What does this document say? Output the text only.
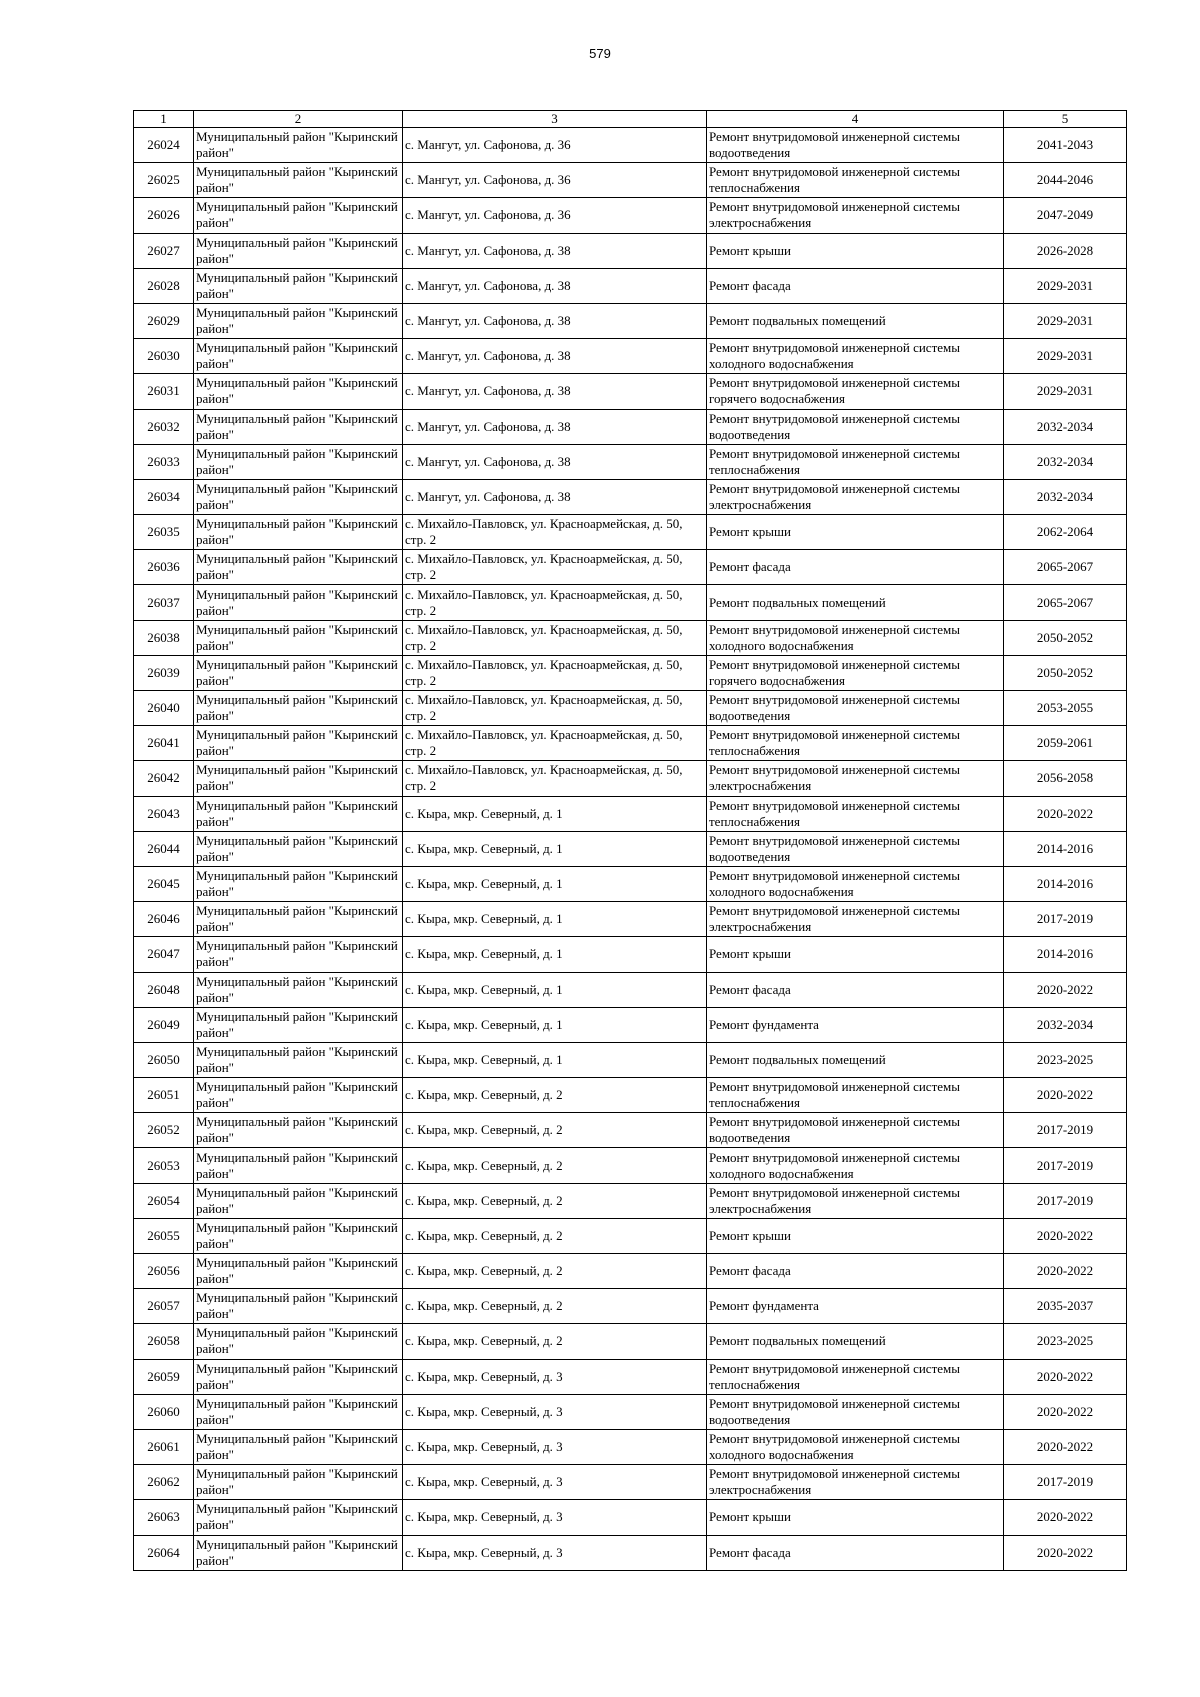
579
1	2	3	4	5
26024	Муниципальный район "Кыринский район"	с. Мангут, ул. Сафонова, д. 36	Ремонт внутридомовой инженерной системы водоотведения	2041-2043
26025	Муниципальный район "Кыринский район"	с. Мангут, ул. Сафонова, д. 36	Ремонт внутридомовой инженерной системы теплоснабжения	2044-2046
26026	Муниципальный район "Кыринский район"	с. Мангут, ул. Сафонова, д. 36	Ремонт внутридомовой инженерной системы электроснабжения	2047-2049
26027	Муниципальный район "Кыринский район"	с. Мангут, ул. Сафонова, д. 38	Ремонт крыши	2026-2028
26028	Муниципальный район "Кыринский район"	с. Мангут, ул. Сафонова, д. 38	Ремонт фасада	2029-2031
26029	Муниципальный район "Кыринский район"	с. Мангут, ул. Сафонова, д. 38	Ремонт подвальных помещений	2029-2031
26030	Муниципальный район "Кыринский район"	с. Мангут, ул. Сафонова, д. 38	Ремонт внутридомовой инженерной системы холодного водоснабжения	2029-2031
26031	Муниципальный район "Кыринский район"	с. Мангут, ул. Сафонова, д. 38	Ремонт внутридомовой инженерной системы горячего водоснабжения	2029-2031
26032	Муниципальный район "Кыринский район"	с. Мангут, ул. Сафонова, д. 38	Ремонт внутридомовой инженерной системы водоотведения	2032-2034
26033	Муниципальный район "Кыринский район"	с. Мангут, ул. Сафонова, д. 38	Ремонт внутридомовой инженерной системы теплоснабжения	2032-2034
26034	Муниципальный район "Кыринский район"	с. Мангут, ул. Сафонова, д. 38	Ремонт внутридомовой инженерной системы электроснабжения	2032-2034
26035	Муниципальный район "Кыринский район"	с. Михайло-Павловск, ул. Красноармейская, д. 50, стр. 2	Ремонт крыши	2062-2064
26036	Муниципальный район "Кыринский район"	с. Михайло-Павловск, ул. Красноармейская, д. 50, стр. 2	Ремонт фасада	2065-2067
26037	Муниципальный район "Кыринский район"	с. Михайло-Павловск, ул. Красноармейская, д. 50, стр. 2	Ремонт подвальных помещений	2065-2067
26038	Муниципальный район "Кыринский район"	с. Михайло-Павловск, ул. Красноармейская, д. 50, стр. 2	Ремонт внутридомовой инженерной системы холодного водоснабжения	2050-2052
26039	Муниципальный район "Кыринский район"	с. Михайло-Павловск, ул. Красноармейская, д. 50, стр. 2	Ремонт внутридомовой инженерной системы горячего водоснабжения	2050-2052
26040	Муниципальный район "Кыринский район"	с. Михайло-Павловск, ул. Красноармейская, д. 50, стр. 2	Ремонт внутридомовой инженерной системы водоотведения	2053-2055
26041	Муниципальный район "Кыринский район"	с. Михайло-Павловск, ул. Красноармейская, д. 50, стр. 2	Ремонт внутридомовой инженерной системы теплоснабжения	2059-2061
26042	Муниципальный район "Кыринский район"	с. Михайло-Павловск, ул. Красноармейская, д. 50, стр. 2	Ремонт внутридомовой инженерной системы электроснабжения	2056-2058
26043	Муниципальный район "Кыринский район"	с. Кыра, мкр. Северный, д. 1	Ремонт внутридомовой инженерной системы теплоснабжения	2020-2022
26044	Муниципальный район "Кыринский район"	с. Кыра, мкр. Северный, д. 1	Ремонт внутридомовой инженерной системы водоотведения	2014-2016
26045	Муниципальный район "Кыринский район"	с. Кыра, мкр. Северный, д. 1	Ремонт внутридомовой инженерной системы холодного водоснабжения	2014-2016
26046	Муниципальный район "Кыринский район"	с. Кыра, мкр. Северный, д. 1	Ремонт внутридомовой инженерной системы электроснабжения	2017-2019
26047	Муниципальный район "Кыринский район"	с. Кыра, мкр. Северный, д. 1	Ремонт крыши	2014-2016
26048	Муниципальный район "Кыринский район"	с. Кыра, мкр. Северный, д. 1	Ремонт фасада	2020-2022
26049	Муниципальный район "Кыринский район"	с. Кыра, мкр. Северный, д. 1	Ремонт фундамента	2032-2034
26050	Муниципальный район "Кыринский район"	с. Кыра, мкр. Северный, д. 1	Ремонт подвальных помещений	2023-2025
26051	Муниципальный район "Кыринский район"	с. Кыра, мкр. Северный, д. 2	Ремонт внутридомовой инженерной системы теплоснабжения	2020-2022
26052	Муниципальный район "Кыринский район"	с. Кыра, мкр. Северный, д. 2	Ремонт внутридомовой инженерной системы водоотведения	2017-2019
26053	Муниципальный район "Кыринский район"	с. Кыра, мкр. Северный, д. 2	Ремонт внутридомовой инженерной системы холодного водоснабжения	2017-2019
26054	Муниципальный район "Кыринский район"	с. Кыра, мкр. Северный, д. 2	Ремонт внутридомовой инженерной системы электроснабжения	2017-2019
26055	Муниципальный район "Кыринский район"	с. Кыра, мкр. Северный, д. 2	Ремонт крыши	2020-2022
26056	Муниципальный район "Кыринский район"	с. Кыра, мкр. Северный, д. 2	Ремонт фасада	2020-2022
26057	Муниципальный район "Кыринский район"	с. Кыра, мкр. Северный, д. 2	Ремонт фундамента	2035-2037
26058	Муниципальный район "Кыринский район"	с. Кыра, мкр. Северный, д. 2	Ремонт подвальных помещений	2023-2025
26059	Муниципальный район "Кыринский район"	с. Кыра, мкр. Северный, д. 3	Ремонт внутридомовой инженерной системы теплоснабжения	2020-2022
26060	Муниципальный район "Кыринский район"	с. Кыра, мкр. Северный, д. 3	Ремонт внутридомовой инженерной системы водоотведения	2020-2022
26061	Муниципальный район "Кыринский район"	с. Кыра, мкр. Северный, д. 3	Ремонт внутридомовой инженерной системы холодного водоснабжения	2020-2022
26062	Муниципальный район "Кыринский район"	с. Кыра, мкр. Северный, д. 3	Ремонт внутридомовой инженерной системы электроснабжения	2017-2019
26063	Муниципальный район "Кыринский район"	с. Кыра, мкр. Северный, д. 3	Ремонт крыши	2020-2022
26064	Муниципальный район "Кыринский район"	с. Кыра, мкр. Северный, д. 3	Ремонт фасада	2020-2022
